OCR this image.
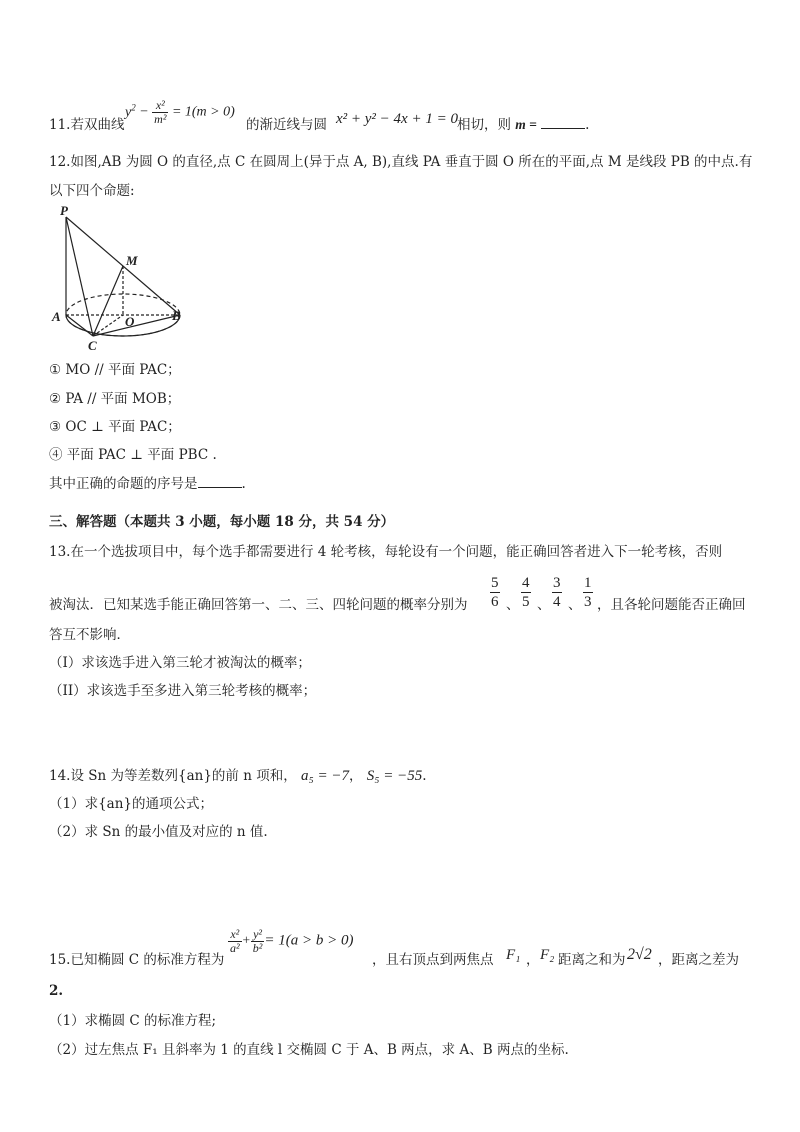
11.若双曲线
$y^2 - \frac{\text{x²}}{\text{m²}} = 1(m > 0)$
的渐近线与圆 x² + y² − 4x + 1 = 0 相切，则 m =	.
12.如图,AB 为圆 O 的直径,点 C 在圆周上(异于点 A, B),直线 PA 垂直于圆 O 所在的平面,点 M 是线段 PB 的中点.有
以下四个命题:
P
M
A	O	B
C
① MO // 平面 PAC；
② PA // 平面 MOB；
③ OC ⊥ 平面 PAC；
④ 平面 PAC ⊥ 平面 PBC .
其中正确的命题的序号是	.
三、解答题（本题共 3 小题，每小题 18 分，共 54 分）
13.在一个选拔项目中，每个选手都需要进行 4 轮考核，每轮设有一个问题，能正确回答者进入下一轮考核，否则
被淘汰．已知某选手能正确回答第一、二、三、四轮问题的概率分别为
5
6 、
4
5 、
3
4 、
1
3 ，且各轮问题能否正确回
答互不影响．
（I）求该选手进入第三轮才被淘汰的概率；
（II）求该选手至多进入第三轮考核的概率；
14.设 Sn 为等差数列{an}的前 n 项和， a₅ = −7， S₅ = −55.
（1）求{an}的通项公式；
（2）求 Sn 的最小值及对应的 n 值.
15.已知椭圆 C 的标准方程为
$\frac{\text{x²}}{\text{a²}} + \frac{\text{y²}}{\text{b²}} = 1(a > b > 0)$
，且右顶点到两焦点 F₁ ， F₂ 距离之和为 2√2 ，距离之差为
2.
（1）求椭圆 C 的标准方程;
（2）过左焦点 F₁ 且斜率为 1 的直线 l 交椭圆 C 于 A、B 两点，求 A、B 两点的坐标.
